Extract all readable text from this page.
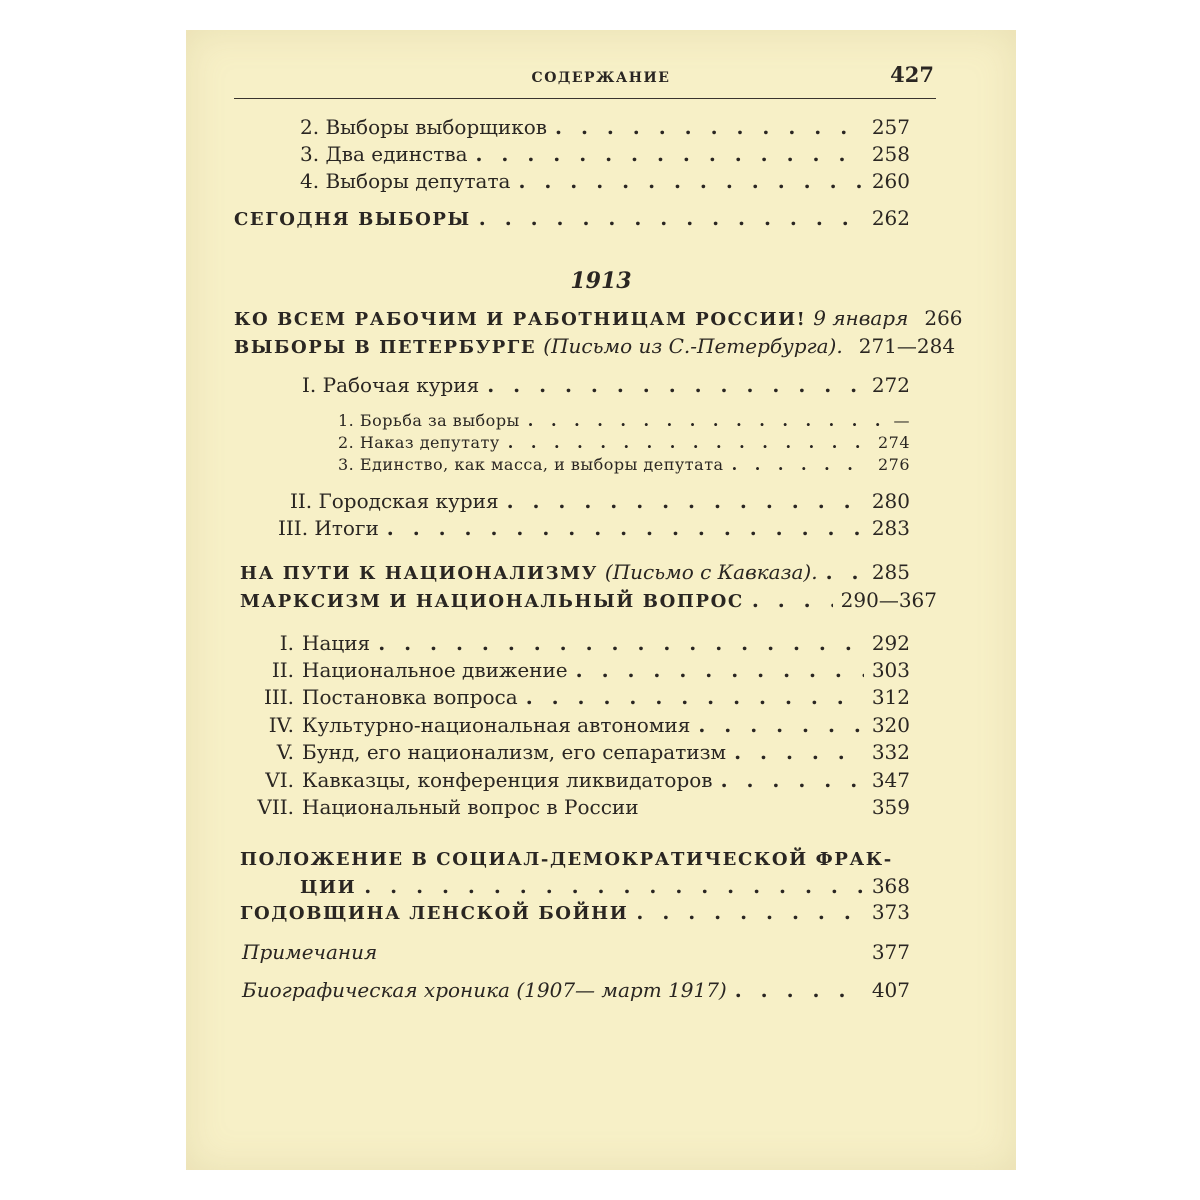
СОДЕРЖАНИЕ	427
2. Выборы выборщиков . . .	257
3. Два единства . . .	258
4. Выборы депутата . . .	260
СЕГОДНЯ ВЫБОРЫ . . .	262
1913
КО ВСЕМ РАБОЧИМ И РАБОТНИЦАМ РОССИИ! 9 января 266
ВЫБОРЫ В ПЕТЕРБУРГЕ (Письмо из С.-Петербурга). 271—284
I. Рабочая курия . . .	272
1. Борьба за выборы . . .	—
2. Наказ депутату . . .	274
3. Единство, как масса, и выборы депутата . . .	276
II. Городская курия . . .	280
III. Итоги . . .	283
НА ПУТИ К НАЦИОНАЛИЗМУ (Письмо с Кавказа). . . .	285
МАРКСИЗМ И НАЦИОНАЛЬНЫЙ ВОПРОС . . .	290—367
I. Нация . . .	292
II. Национальное движение . . .	303
III. Постановка вопроса . . .	312
IV. Культурно-национальная автономия . . .	320
V. Бунд, его национализм, его сепаратизм . . .	332
VI. Кавказцы, конференция ликвидаторов . . .	347
VII. Национальный вопрос в России	359
ПОЛОЖЕНИЕ В СОЦИАЛ-ДЕМОКРАТИЧЕСКОЙ ФРАК-
ЦИИ . . .	368
ГОДОВЩИНА ЛЕНСКОЙ БОЙНИ . . .	373
Примечания	377
Биографическая хроника (1907— март 1917) . . .	407
